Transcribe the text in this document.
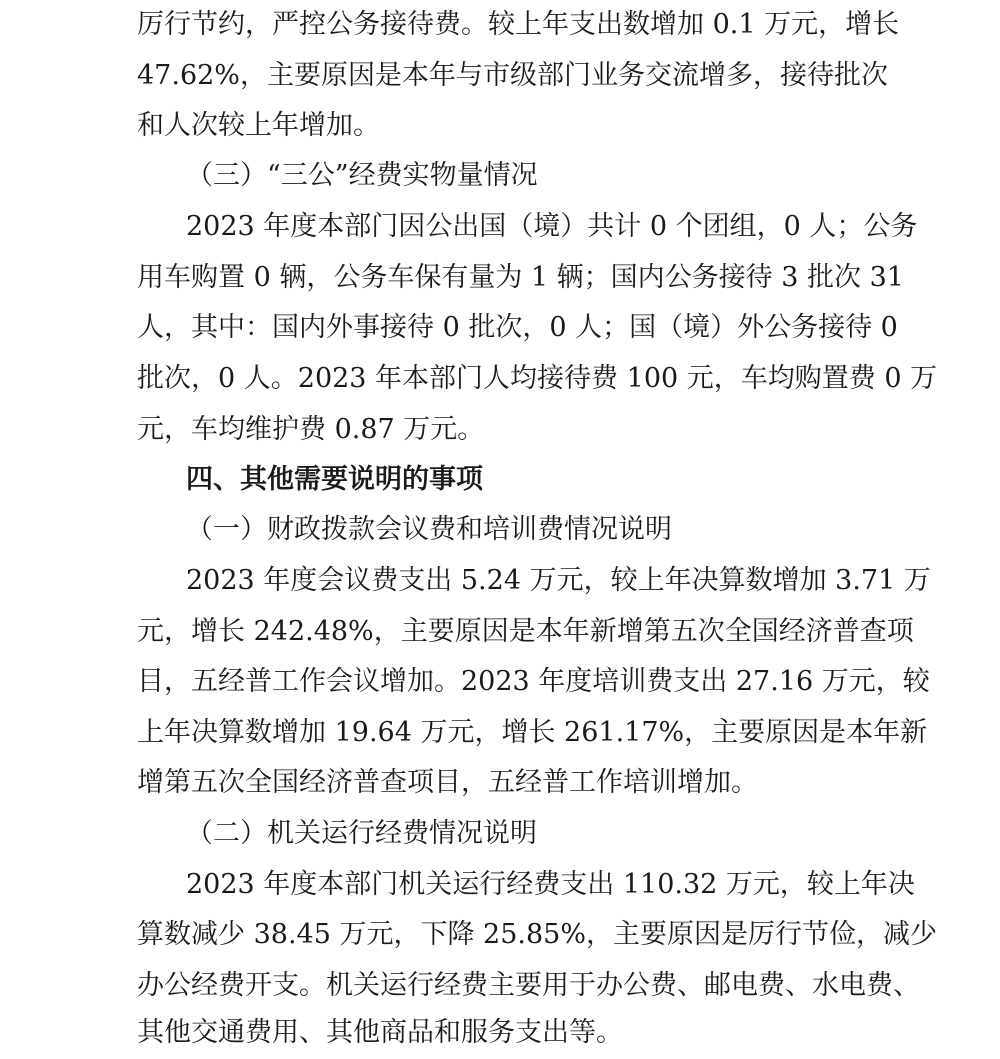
厉行节约，严控公务接待费。较上年支出数增加 0.1 万元，增长
47.62%，主要原因是本年与市级部门业务交流增多，接待批次
和人次较上年增加。
（三）“三公”经费实物量情况
2023 年度本部门因公出国（境）共计 0 个团组，0 人；公务
用车购置 0 辆，公务车保有量为 1 辆；国内公务接待 3 批次 31
人，其中：国内外事接待 0 批次，0 人；国（境）外公务接待 0
批次，0 人。2023 年本部门人均接待费 100 元，车均购置费 0 万
元，车均维护费 0.87 万元。
四、其他需要说明的事项
（一）财政拨款会议费和培训费情况说明
2023 年度会议费支出 5.24 万元，较上年决算数增加 3.71 万
元，增长 242.48%，主要原因是本年新增第五次全国经济普查项
目，五经普工作会议增加。2023 年度培训费支出 27.16 万元，较
上年决算数增加 19.64 万元，增长 261.17%，主要原因是本年新
增第五次全国经济普查项目，五经普工作培训增加。
（二）机关运行经费情况说明
2023 年度本部门机关运行经费支出 110.32 万元，较上年决
算数减少 38.45 万元，下降 25.85%，主要原因是厉行节俭，减少
办公经费开支。机关运行经费主要用于办公费、邮电费、水电费、
其他交通费用、其他商品和服务支出等。
